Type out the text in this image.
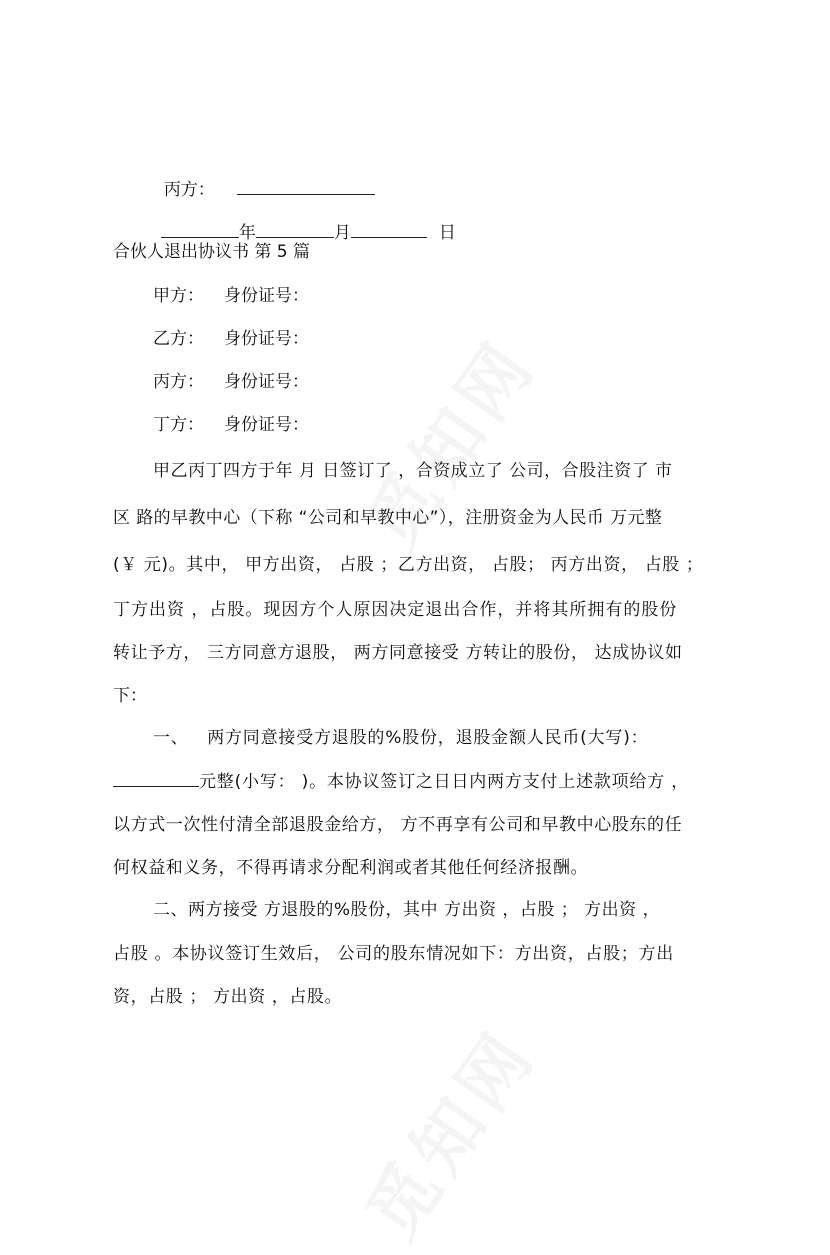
丙方：

年	月	日

合伙人退出协议书 第 5 篇
甲方： 身份证号：
乙方： 身份证号：
丙方： 身份证号：
丁方： 身份证号：
甲乙丙丁四方于年 月 日签订了 ，合资成立了 公司，合股注资了 市
区 路的早教中心（下称 “公司和早教中心”），注册资金为人民币 万元整
(￥ 元)。其中， 甲方出资， 占股 ；乙方出资， 占股； 丙方出资， 占股 ；
丁方出资 ，占股。现因方个人原因决定退出合作，并将其所拥有的股份
转让予方， 三方同意方退股， 两方同意接受 方转让的股份， 达成协议如
下：
一、   两方同意接受方退股的%股份，退股金额人民币(大写)：
元整(小写： )。本协议签订之日日内两方支付上述款项给方 ，
以方式一次性付清全部退股金给方， 方不再享有公司和早教中心股东的任
何权益和义务，不得再请求分配利润或者其他任何经济报酬。
二、两方接受 方退股的%股份，其中 方出资 ，占股 ； 方出资 ，
占股 。本协议签订生效后， 公司的股东情况如下：方出资，占股；方出
资，占股 ； 方出资 ，占股。
